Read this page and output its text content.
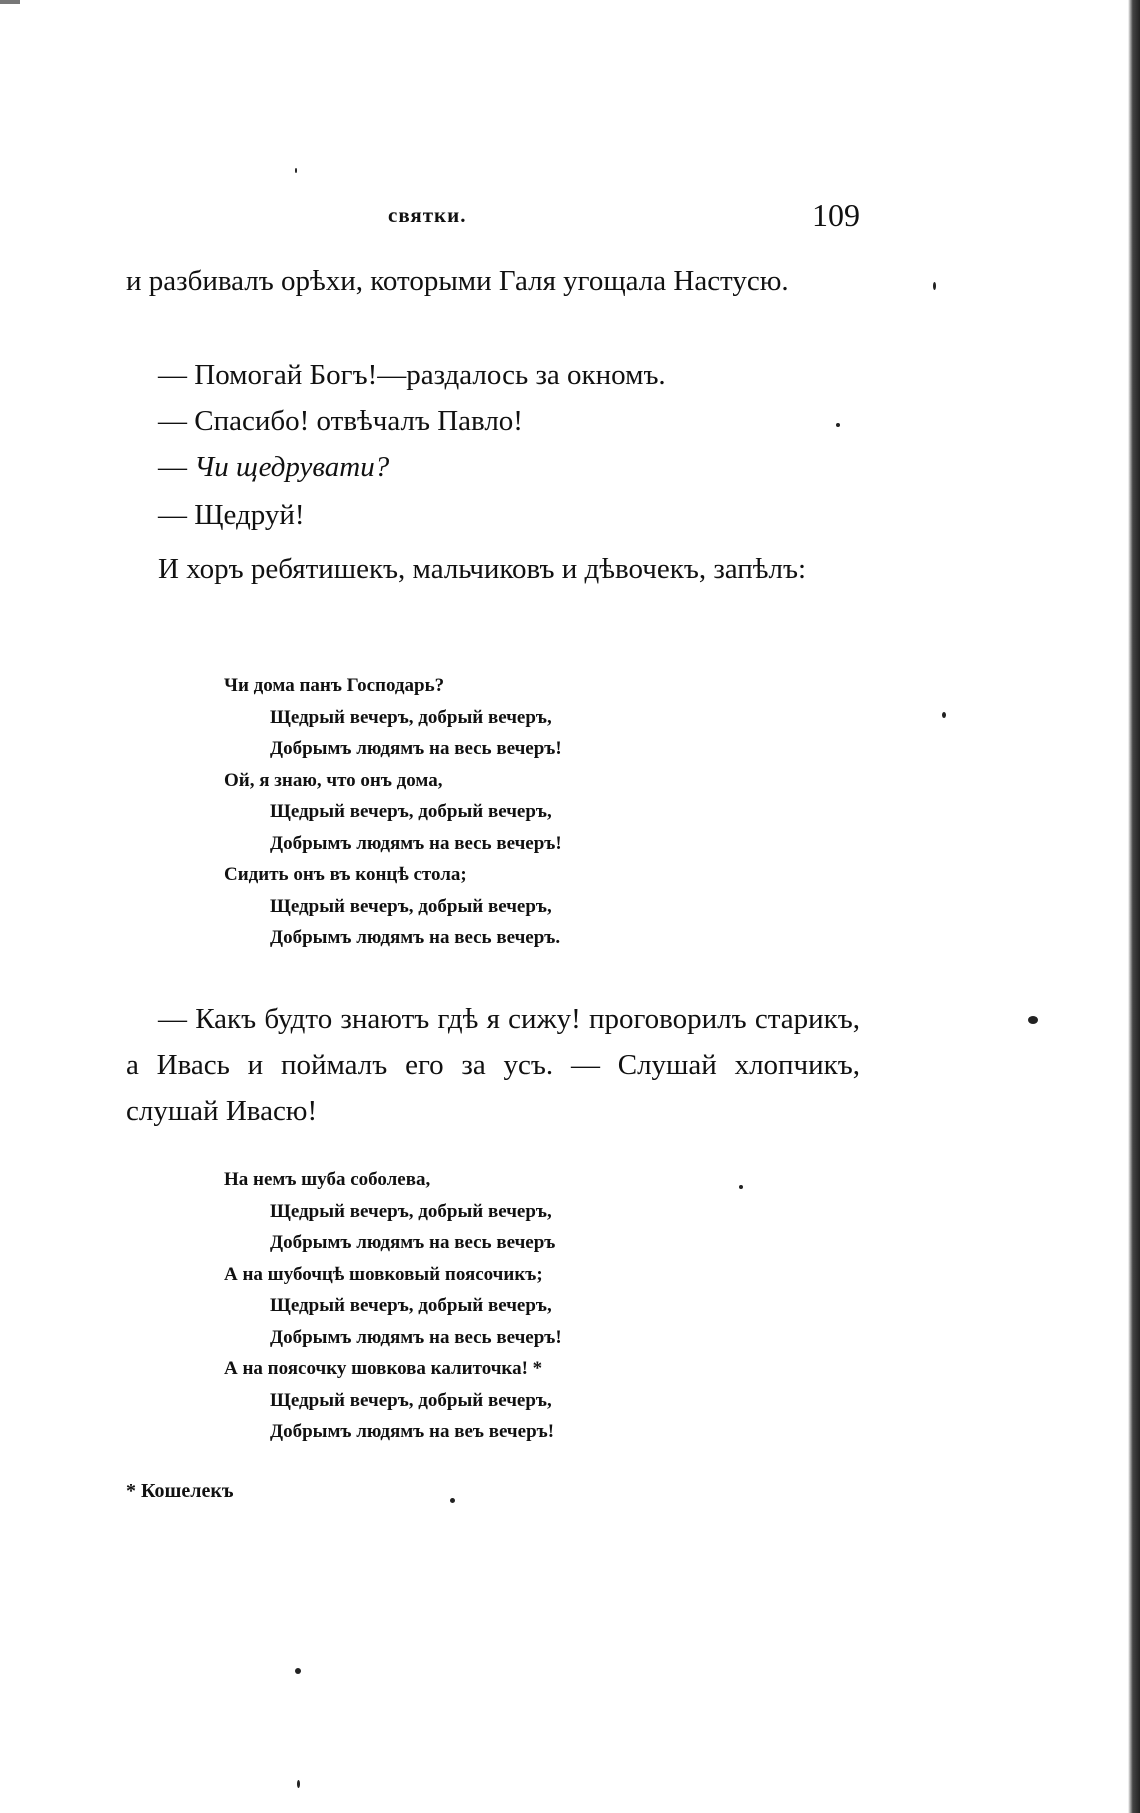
святки.	109

и разбивалъ орѣхи, которыми Галя угощала Настусю.

— Помогай Богъ!—раздалось за окномъ.

— Спасибо! отвѣчалъ Павло!

— Чи щедрувати?

— Щедруй!

И хоръ ребятишекъ, мальчиковъ и дѣвочекъ, запѣлъ:

Чи дома панъ Господарь?
Щедрый вечеръ, добрый вечеръ,
Добрымъ людямъ на весь вечеръ!
Ой, я знаю, что онъ дома,
Щедрый вечеръ, добрый вечеръ,
Добрымъ людямъ на весь вечеръ!
Сидить онъ въ концѣ стола;
Щедрый вечеръ, добрый вечеръ,
Добрымъ людямъ на весь вечеръ.

— Какъ будто знаютъ гдѣ я сижу! проговорилъ старикъ, а Ивась и поймалъ его за усъ. — Слушай хлопчикъ, слушай Ивасю!

На немъ шуба соболева,
Щедрый вечеръ, добрый вечеръ,
Добрымъ людямъ на весь вечеръ
А на шубочцѣ шовковый поясочикъ;
Щедрый вечеръ, добрый вечеръ,
Добрымъ людямъ на весь вечеръ!
А на поясочку шовкова калиточка! *
Щедрый вечеръ, добрый вечеръ,
Добрымъ людямъ на веъ вечеръ!
* Кошелекъ
